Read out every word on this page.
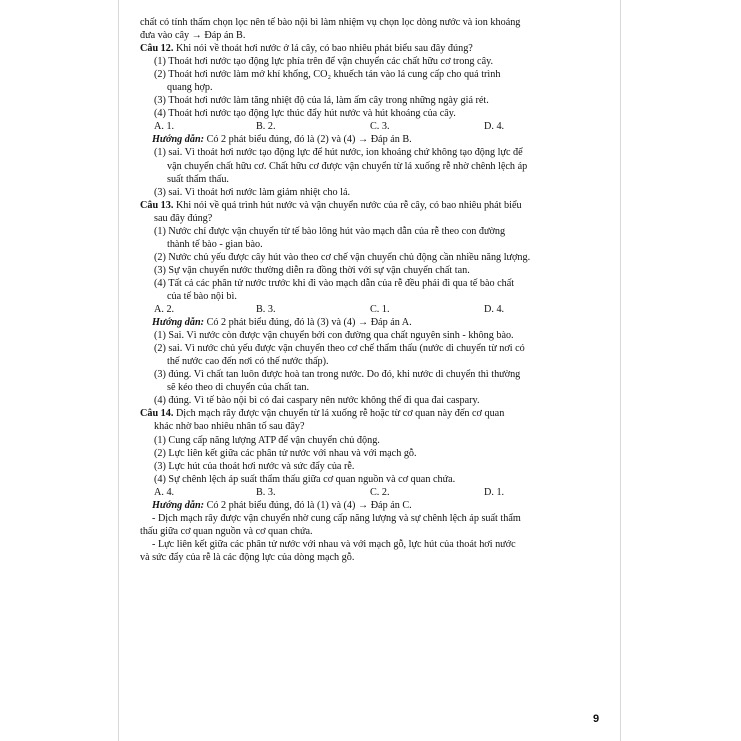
chất có tính thấm chọn lọc nên tế bào nội bì làm nhiệm vụ chọn lọc dòng nước và ion khoáng
đưa vào cây → Đáp án B.
Câu 12. Khi nói về thoát hơi nước ở lá cây, có bao nhiêu phát biểu sau đây đúng?
(1) Thoát hơi nước tạo động lực phía trên để vận chuyển các chất hữu cơ trong cây.
(2) Thoát hơi nước làm mở khí khổng, CO₂ khuếch tán vào lá cung cấp cho quá trình
quang hợp.
(3) Thoát hơi nước làm tăng nhiệt độ của lá, làm ấm cây trong những ngày giá rét.
(4) Thoát hơi nước tạo động lực thúc đẩy hút nước và hút khoáng của cây.
A. 1.	B. 2.	C. 3.	D. 4.
Hướng dẫn: Có 2 phát biểu đúng, đó là (2) và (4) → Đáp án B.
(1) sai. Vì thoát hơi nước tạo động lực để hút nước, ion khoáng chứ không tạo động lực để
vận chuyển chất hữu cơ. Chất hữu cơ được vận chuyển từ lá xuống rễ nhờ chênh lệch áp
suất thẩm thấu.
(3) sai. Vì thoát hơi nước làm giảm nhiệt cho lá.
Câu 13. Khi nói về quá trình hút nước và vận chuyển nước của rễ cây, có bao nhiêu phát biểu
sau đây đúng?
(1) Nước chỉ được vận chuyển từ tế bào lông hút vào mạch dẫn của rễ theo con đường
thành tế bào - gian bào.
(2) Nước chủ yếu được cây hút vào theo cơ chế vận chuyển chủ động cần nhiều năng lượng.
(3) Sự vận chuyển nước thường diễn ra đồng thời với sự vận chuyển chất tan.
(4) Tất cả các phân tử nước trước khi đi vào mạch dẫn của rễ đều phải đi qua tế bào chất
của tế bào nội bì.
A. 2.	B. 3.	C. 1.	D. 4.
Hướng dẫn: Có 2 phát biểu đúng, đó là (3) và (4) → Đáp án A.
(1) Sai. Vì nước còn được vận chuyển bởi con đường qua chất nguyên sinh - không bào.
(2) sai. Vì nước chủ yếu được vận chuyển theo cơ chế thẩm thấu (nước di chuyển từ nơi có
thế nước cao đến nơi có thế nước thấp).
(3) đúng. Vì chất tan luôn được hoà tan trong nước. Do đó, khi nước di chuyển thì thường
sẽ kéo theo di chuyển của chất tan.
(4) đúng. Vì tế bào nội bì có đai caspary nên nước không thể đi qua đai caspary.
Câu 14. Dịch mạch rây được vận chuyển từ lá xuống rễ hoặc từ cơ quan này đến cơ quan
khác nhờ bao nhiêu nhân tố sau đây?
(1) Cung cấp năng lượng ATP để vận chuyển chủ động.
(2) Lực liên kết giữa các phân tử nước với nhau và với mạch gỗ.
(3) Lực hút của thoát hơi nước và sức đẩy của rễ.
(4) Sự chênh lệch áp suất thẩm thấu giữa cơ quan nguồn và cơ quan chứa.
A. 4.	B. 3.	C. 2.	D. 1.
Hướng dẫn: Có 2 phát biểu đúng, đó là (1) và (4) → Đáp án C.
- Dịch mạch rây được vận chuyển nhờ cung cấp năng lượng và sự chênh lệch áp suất thẩm
thấu giữa cơ quan nguồn và cơ quan chứa.
- Lực liên kết giữa các phân tử nước với nhau và với mạch gỗ, lực hút của thoát hơi nước
và sức đẩy của rễ là các động lực của dòng mạch gỗ.
9
